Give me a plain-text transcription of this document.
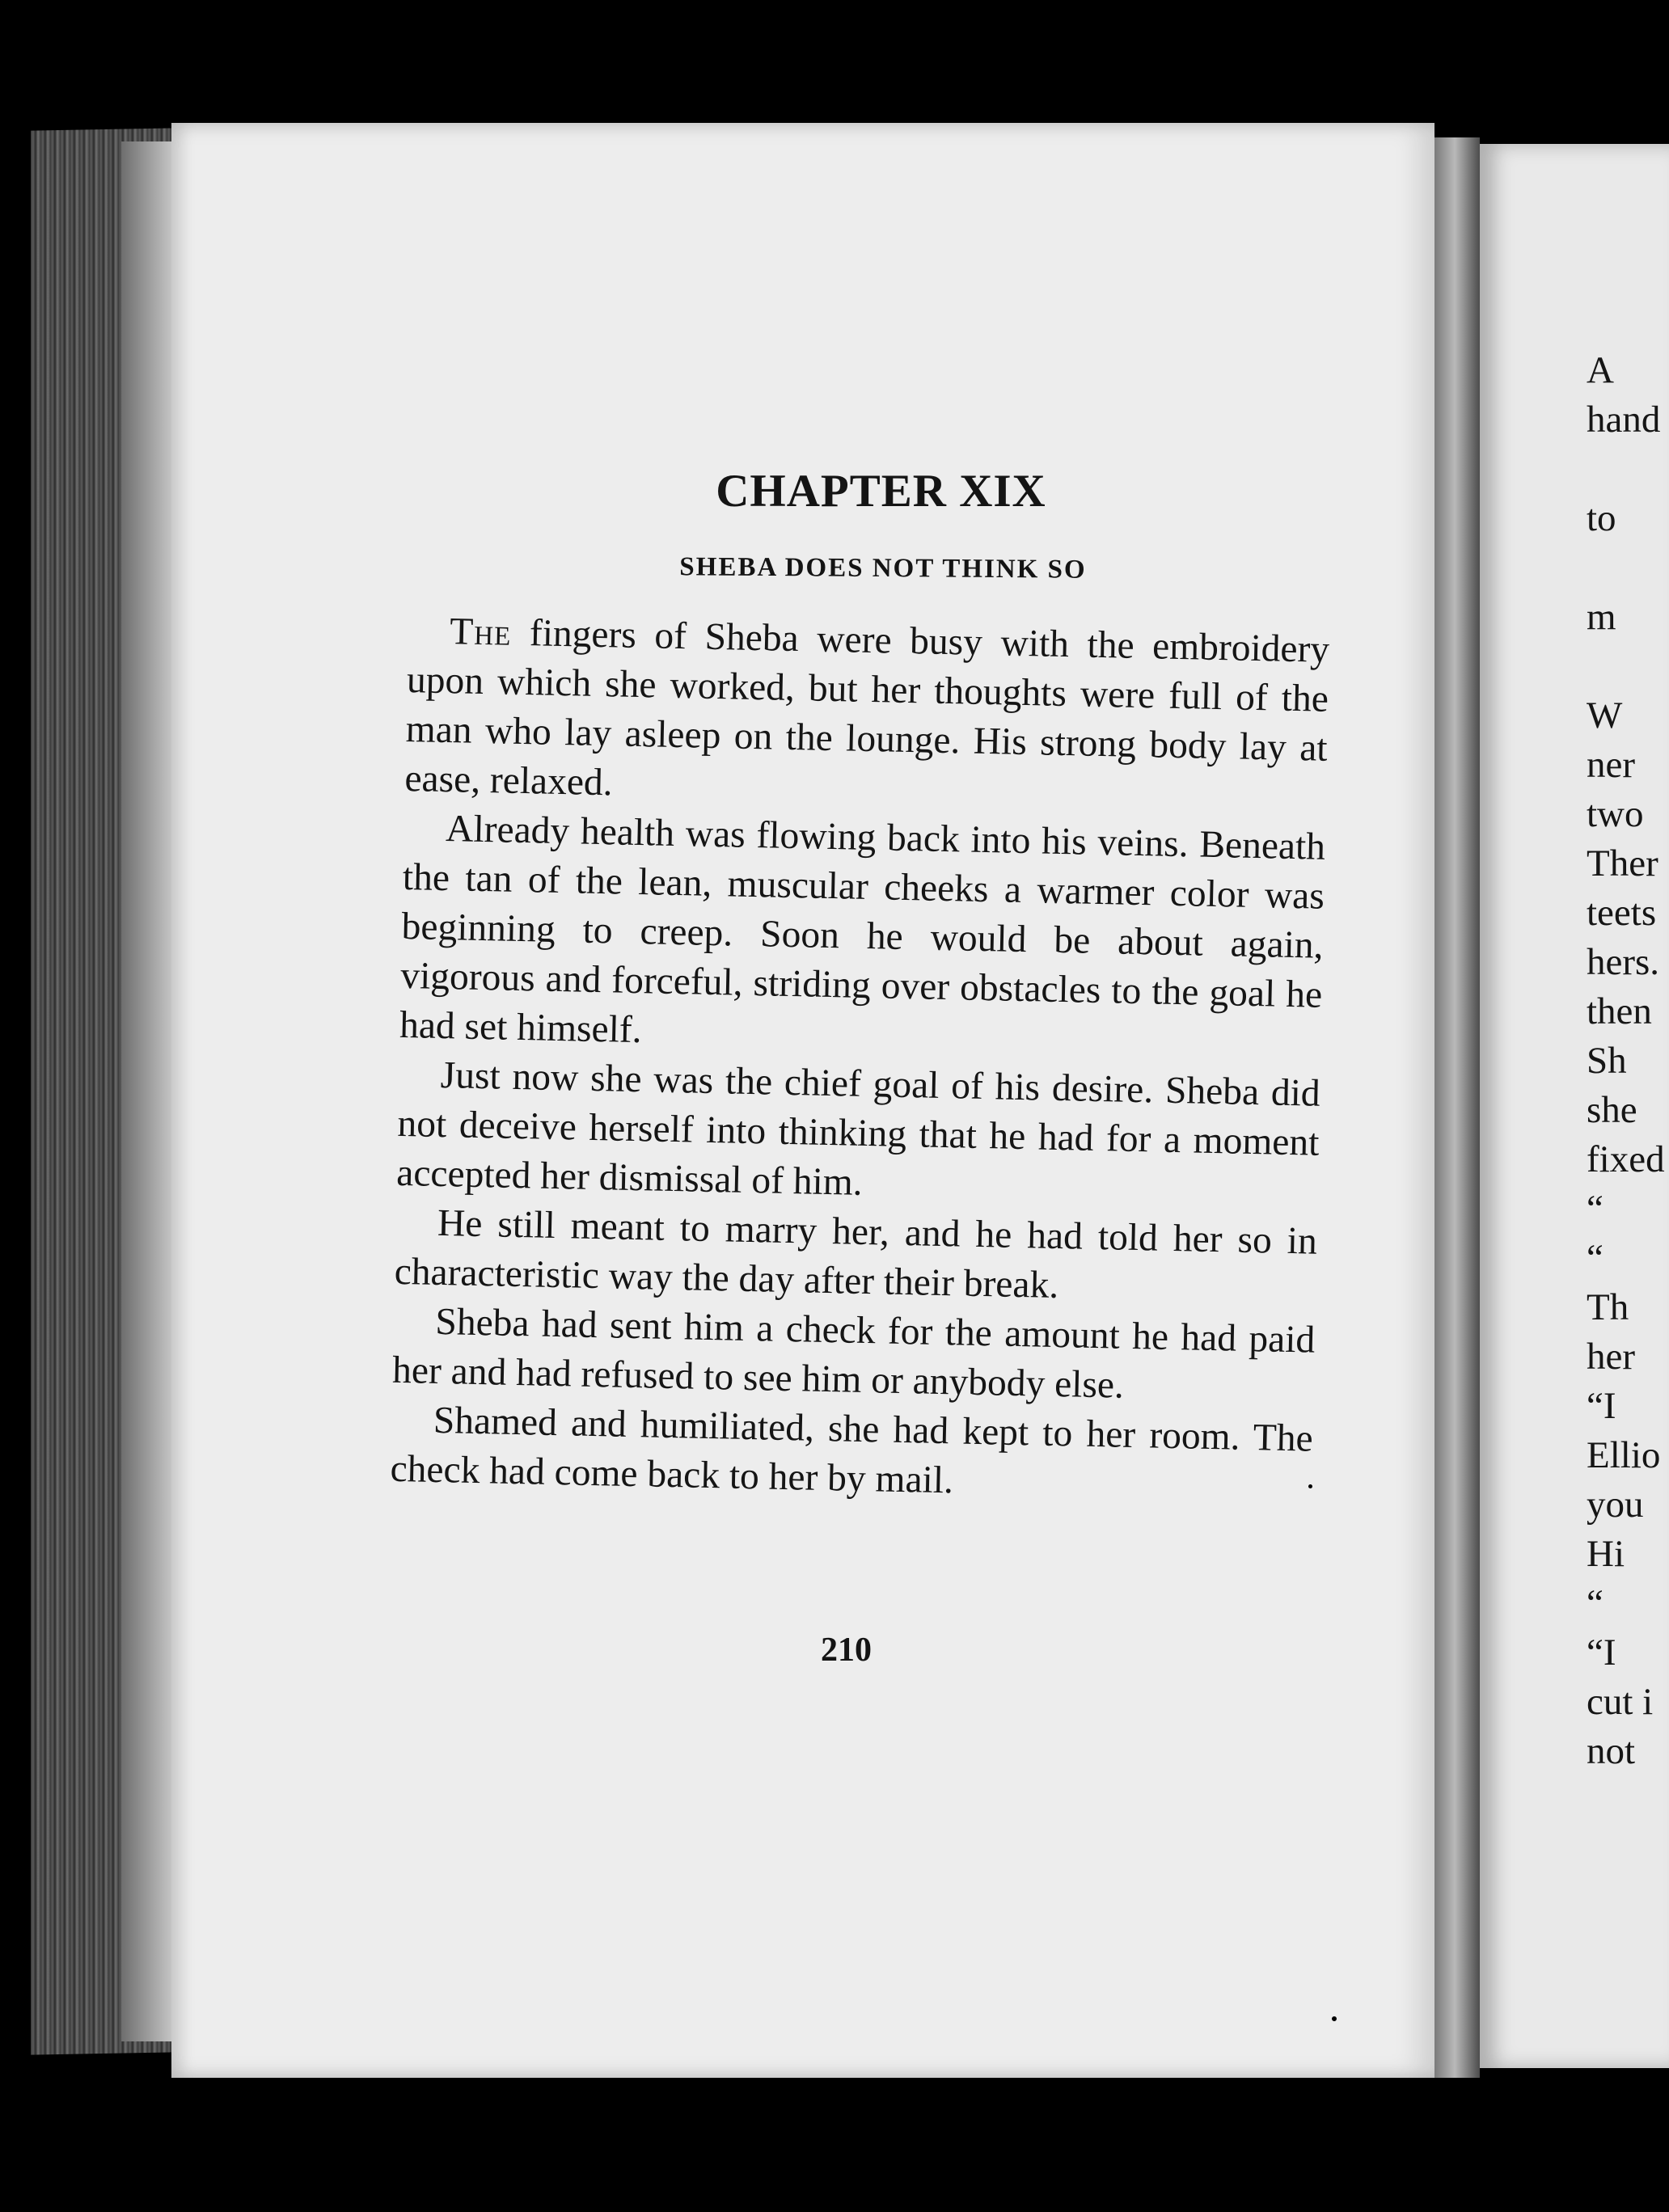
CHAPTER XIX
SHEBA DOES NOT THINK SO

The fingers of Sheba were busy with the embroidery upon which she worked, but her thoughts were full of the man who lay asleep on the lounge. His strong body lay at ease, relaxed.

Already health was flowing back into his veins. Beneath the tan of the lean, muscular cheeks a warmer color was beginning to creep. Soon he would be about again, vigorous and forceful, striding over obstacles to the goal he had set himself.

Just now she was the chief goal of his desire. Sheba did not deceive herself into thinking that he had for a moment accepted her dismissal of him.

He still meant to marry her, and he had told her so in characteristic way the day after their break.

Sheba had sent him a check for the amount he had paid her and had refused to see him or anybody else.

Shamed and humiliated, she had kept to her room. The check had come back to her by mail.

210
A
hand
to
m
W
ner
two
Ther
teets
hers.
then
Sh
she
fixed
“
“
Th
her
“I
Ellio
you
Hi
“
“I
cut i
not
